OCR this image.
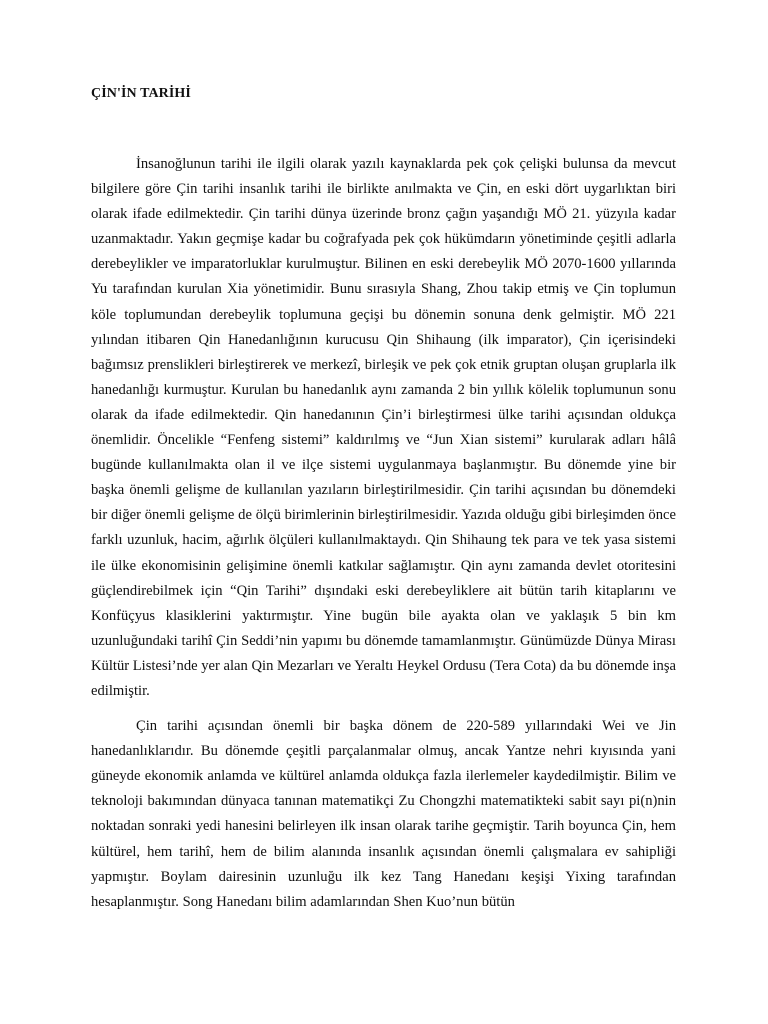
ÇİN'İN TARİHİ

İnsanoğlunun tarihi ile ilgili olarak yazılı kaynaklarda pek çok çelişki bulunsa da mevcut bilgilere göre Çin tarihi insanlık tarihi ile birlikte anılmakta ve Çin, en eski dört uygarlıktan biri olarak ifade edilmektedir. Çin tarihi dünya üzerinde bronz çağın yaşandığı MÖ 21. yüzyıla kadar uzanmaktadır. Yakın geçmişe kadar bu coğrafyada pek çok hükümdarın yönetiminde çeşitli adlarla derebeylikler ve imparatorluklar kurulmuştur. Bilinen en eski derebeylik MÖ 2070-1600 yıllarında Yu tarafından kurulan Xia yönetimidir. Bunu sırasıyla Shang, Zhou takip etmiş ve Çin toplumun köle toplumundan derebeylik toplumuna geçişi bu dönemin sonuna denk gelmiştir. MÖ 221 yılından itibaren Qin Hanedanlığının kurucusu Qin Shihaung (ilk imparator), Çin içerisindeki bağımsız prenslikleri birleştirerek ve merkezî, birleşik ve pek çok etnik gruptan oluşan gruplarla ilk hanedanlığı kurmuştur. Kurulan bu hanedanlık aynı zamanda 2 bin yıllık kölelik toplumunun sonu olarak da ifade edilmektedir. Qin hanedanının Çin’i birleştirmesi ülke tarihi açısından oldukça önemlidir. Öncelikle “Fenfeng sistemi” kaldırılmış ve “Jun Xian sistemi” kurularak adları hâlâ bugünde kullanılmakta olan il ve ilçe sistemi uygulanmaya başlanmıştır. Bu dönemde yine bir başka önemli gelişme de kullanılan yazıların birleştirilmesidir. Çin tarihi açısından bu dönemdeki bir diğer önemli gelişme de ölçü birimlerinin birleştirilmesidir. Yazıda olduğu gibi birleşimden önce farklı uzunluk, hacim, ağırlık ölçüleri kullanılmaktaydı. Qin Shihaung tek para ve tek yasa sistemi ile ülke ekonomisinin gelişimine önemli katkılar sağlamıştır. Qin aynı zamanda devlet otoritesini güçlendirebilmek için “Qin Tarihi” dışındaki eski derebeyliklere ait bütün tarih kitaplarını ve Konfüçyus klasiklerini yaktırmıştır. Yine bugün bile ayakta olan ve yaklaşık 5 bin km uzunluğundaki tarihî Çin Seddi’nin yapımı bu dönemde tamamlanmıştır. Günümüzde Dünya Mirası Kültür Listesi’nde yer alan Qin Mezarları ve Yeraltı Heykel Ordusu (Tera Cota) da bu dönemde inşa edilmiştir.

Çin tarihi açısından önemli bir başka dönem de 220-589 yıllarındaki Wei ve Jin hanedanlıklarıdır. Bu dönemde çeşitli parçalanmalar olmuş, ancak Yantze nehri kıyısında yani güneyde ekonomik anlamda ve kültürel anlamda oldukça fazla ilerlemeler kaydedilmiştir. Bilim ve teknoloji bakımından dünyaca tanınan matematikçi Zu Chongzhi matematikteki sabit sayı pi(n)nin noktadan sonraki yedi hanesini belirleyen ilk insan olarak tarihe geçmiştir. Tarih boyunca Çin, hem kültürel, hem tarihî, hem de bilim alanında insanlık açısından önemli çalışmalara ev sahipliği yapmıştır. Boylam dairesinin uzunluğu ilk kez Tang Hanedanı keşişi Yixing tarafından hesaplanmıştır. Song Hanedanı bilim adamlarından Shen Kuo’nun bütün
